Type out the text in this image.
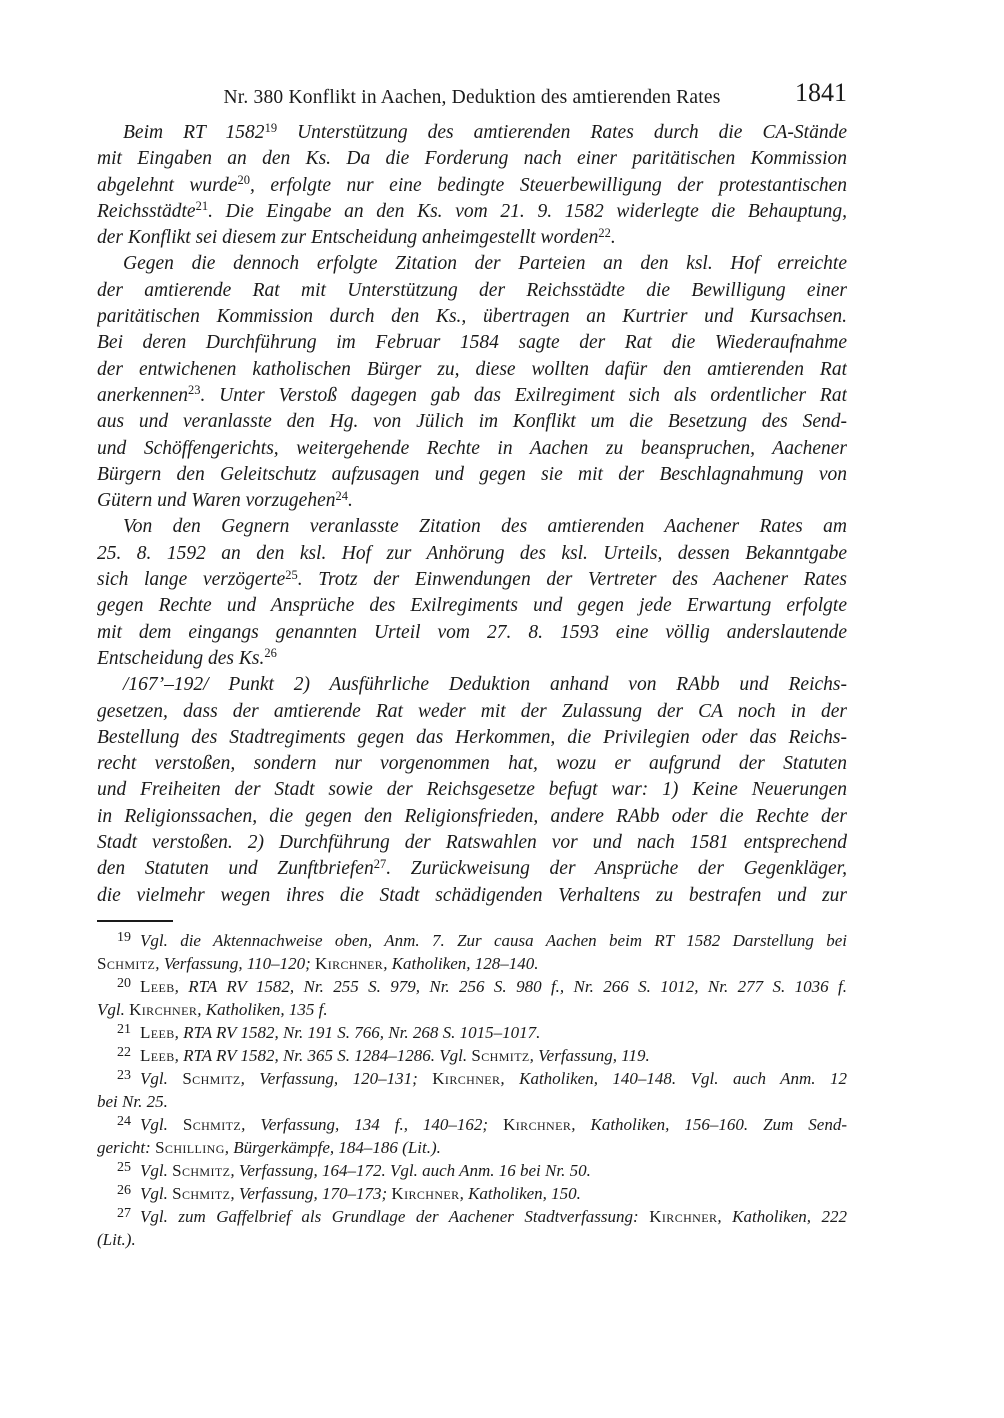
Nr. 380 Konflikt in Aachen, Deduktion des amtierenden Rates	1841
Beim RT 1582$^{19}$ Unterstützung des amtierenden Rates durch die CA-Stände
mit Eingaben an den Ks. Da die Forderung nach einer paritätischen Kommission
abgelehnt wurde$^{20}$, erfolgte nur eine bedingte Steuerbewilligung der protestantischen
Reichsstädte$^{21}$. Die Eingabe an den Ks. vom 21. 9. 1582 widerlegte die Behauptung,
der Konflikt sei diesem zur Entscheidung anheimgestellt worden$^{22}$.
Gegen die dennoch erfolgte Zitation der Parteien an den ksl. Hof erreichte
der amtierende Rat mit Unterstützung der Reichsstädte die Bewilligung einer
paritätischen Kommission durch den Ks., übertragen an Kurtrier und Kursachsen.
Bei deren Durchführung im Februar 1584 sagte der Rat die Wiederaufnahme
der entwichenen katholischen Bürger zu, diese wollten dafür den amtierenden Rat
anerkennen$^{23}$. Unter Verstoß dagegen gab das Exilregiment sich als ordentlicher Rat
aus und veranlasste den Hg. von Jülich im Konflikt um die Besetzung des Send-
und Schöffengerichts, weitergehende Rechte in Aachen zu beanspruchen, Aachener
Bürgern den Geleitschutz aufzusagen und gegen sie mit der Beschlagnahmung von
Gütern und Waren vorzugehen$^{24}$.
Von den Gegnern veranlasste Zitation des amtierenden Aachener Rates am
25. 8. 1592 an den ksl. Hof zur Anhörung des ksl. Urteils, dessen Bekanntgabe
sich lange verzögerte$^{25}$. Trotz der Einwendungen der Vertreter des Aachener Rates
gegen Rechte und Ansprüche des Exilregiments und gegen jede Erwartung erfolgte
mit dem eingangs genannten Urteil vom 27. 8. 1593 eine völlig anderslautende
Entscheidung des Ks.$^{26}$
/167’–192/ Punkt 2) Ausführliche Deduktion anhand von RAbb und Reichs-
gesetzen, dass der amtierende Rat weder mit der Zulassung der CA noch in der
Bestellung des Stadtregiments gegen das Herkommen, die Privilegien oder das Reichs-
recht verstoßen, sondern nur vorgenommen hat, wozu er aufgrund der Statuten
und Freiheiten der Stadt sowie der Reichsgesetze befugt war: 1) Keine Neuerungen
in Religionssachen, die gegen den Religionsfrieden, andere RAbb oder die Rechte der
Stadt verstoßen. 2) Durchführung der Ratswahlen vor und nach 1581 entsprechend
den Statuten und Zunftbriefen$^{27}$. Zurückweisung der Ansprüche der Gegenkläger,
die vielmehr wegen ihres die Stadt schädigenden Verhaltens zu bestrafen und zur
$^{19}$ Vgl. die Aktennachweise oben, Anm. 7. Zur causa Aachen beim RT 1582 Darstellung bei
Schmitz, Verfassung, 110–120; Kirchner, Katholiken, 128–140.
$^{20}$ Leeb, RTA RV 1582, Nr. 255 S. 979, Nr. 256 S. 980 f., Nr. 266 S. 1012, Nr. 277 S. 1036 f.
Vgl. Kirchner, Katholiken, 135 f.
$^{21}$ Leeb, RTA RV 1582, Nr. 191 S. 766, Nr. 268 S. 1015–1017.
$^{22}$ Leeb, RTA RV 1582, Nr. 365 S. 1284–1286. Vgl. Schmitz, Verfassung, 119.
$^{23}$ Vgl. Schmitz, Verfassung, 120–131; Kirchner, Katholiken, 140–148. Vgl. auch Anm. 12
bei Nr. 25.
$^{24}$ Vgl. Schmitz, Verfassung, 134 f., 140–162; Kirchner, Katholiken, 156–160. Zum Send-
gericht: Schilling, Bürgerkämpfe, 184–186 (Lit.).
$^{25}$ Vgl. Schmitz, Verfassung, 164–172. Vgl. auch Anm. 16 bei Nr. 50.
$^{26}$ Vgl. Schmitz, Verfassung, 170–173; Kirchner, Katholiken, 150.
$^{27}$ Vgl. zum Gaffelbrief als Grundlage der Aachener Stadtverfassung: Kirchner, Katholiken, 222
(Lit.).
